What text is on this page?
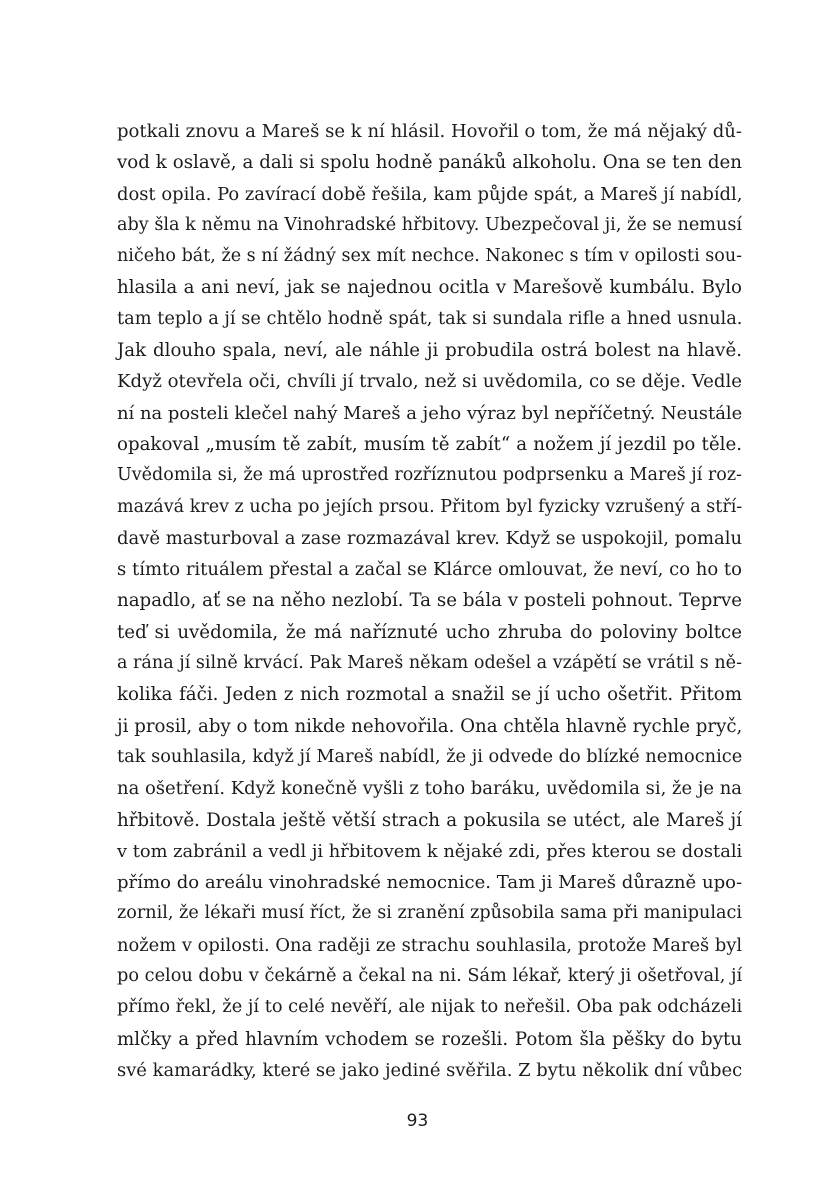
potkali znovu a Mareš se k ní hlásil. Hovořil o tom, že má nějaký dů-
vod k oslavě, a dali si spolu hodně panáků alkoholu. Ona se ten den
dost opila. Po zavírací době řešila, kam půjde spát, a Mareš jí nabídl,
aby šla k němu na Vinohradské hřbitovy. Ubezpečoval ji, že se nemusí
ničeho bát, že s ní žádný sex mít nechce. Nakonec s tím v opilosti sou-
hlasila a ani neví, jak se najednou ocitla v Marešově kumbálu. Bylo
tam teplo a jí se chtělo hodně spát, tak si sundala rifle a hned usnula.
Jak dlouho spala, neví, ale náhle ji probudila ostrá bolest na hlavě.
Když otevřela oči, chvíli jí trvalo, než si uvědomila, co se děje. Vedle
ní na posteli klečel nahý Mareš a jeho výraz byl nepříčetný. Neustále
opakoval „musím tě zabít, musím tě zabít“ a nožem jí jezdil po těle.
Uvědomila si, že má uprostřed rozříznutou podprsenku a Mareš jí roz-
mazává krev z ucha po jejích prsou. Přitom byl fyzicky vzrušený a stří-
davě masturboval a zase rozmazával krev. Když se uspokojil, pomalu
s tímto rituálem přestal a začal se Klárce omlouvat, že neví, co ho to
napadlo, ať se na něho nezlobí. Ta se bála v posteli pohnout. Teprve
teď si uvědomila, že má naříznuté ucho zhruba do poloviny boltce
a rána jí silně krvácí. Pak Mareš někam odešel a vzápětí se vrátil s ně-
kolika fáči. Jeden z nich rozmotal a snažil se jí ucho ošetřit. Přitom
ji prosil, aby o tom nikde nehovořila. Ona chtěla hlavně rychle pryč,
tak souhlasila, když jí Mareš nabídl, že ji odvede do blízké nemocnice
na ošetření. Když konečně vyšli z toho baráku, uvědomila si, že je na
hřbitově. Dostala ještě větší strach a pokusila se utéct, ale Mareš jí
v tom zabránil a vedl ji hřbitovem k nějaké zdi, přes kterou se dostali
přímo do areálu vinohradské nemocnice. Tam ji Mareš důrazně upo-
zornil, že lékaři musí říct, že si zranění způsobila sama při manipulaci
nožem v opilosti. Ona raději ze strachu souhlasila, protože Mareš byl
po celou dobu v čekárně a čekal na ni. Sám lékař, který ji ošetřoval, jí
přímo řekl, že jí to celé nevěří, ale nijak to neřešil. Oba pak odcházeli
mlčky a před hlavním vchodem se rozešli. Potom šla pěšky do bytu
své kamarádky, které se jako jediné svěřila. Z bytu několik dní vůbec
93
